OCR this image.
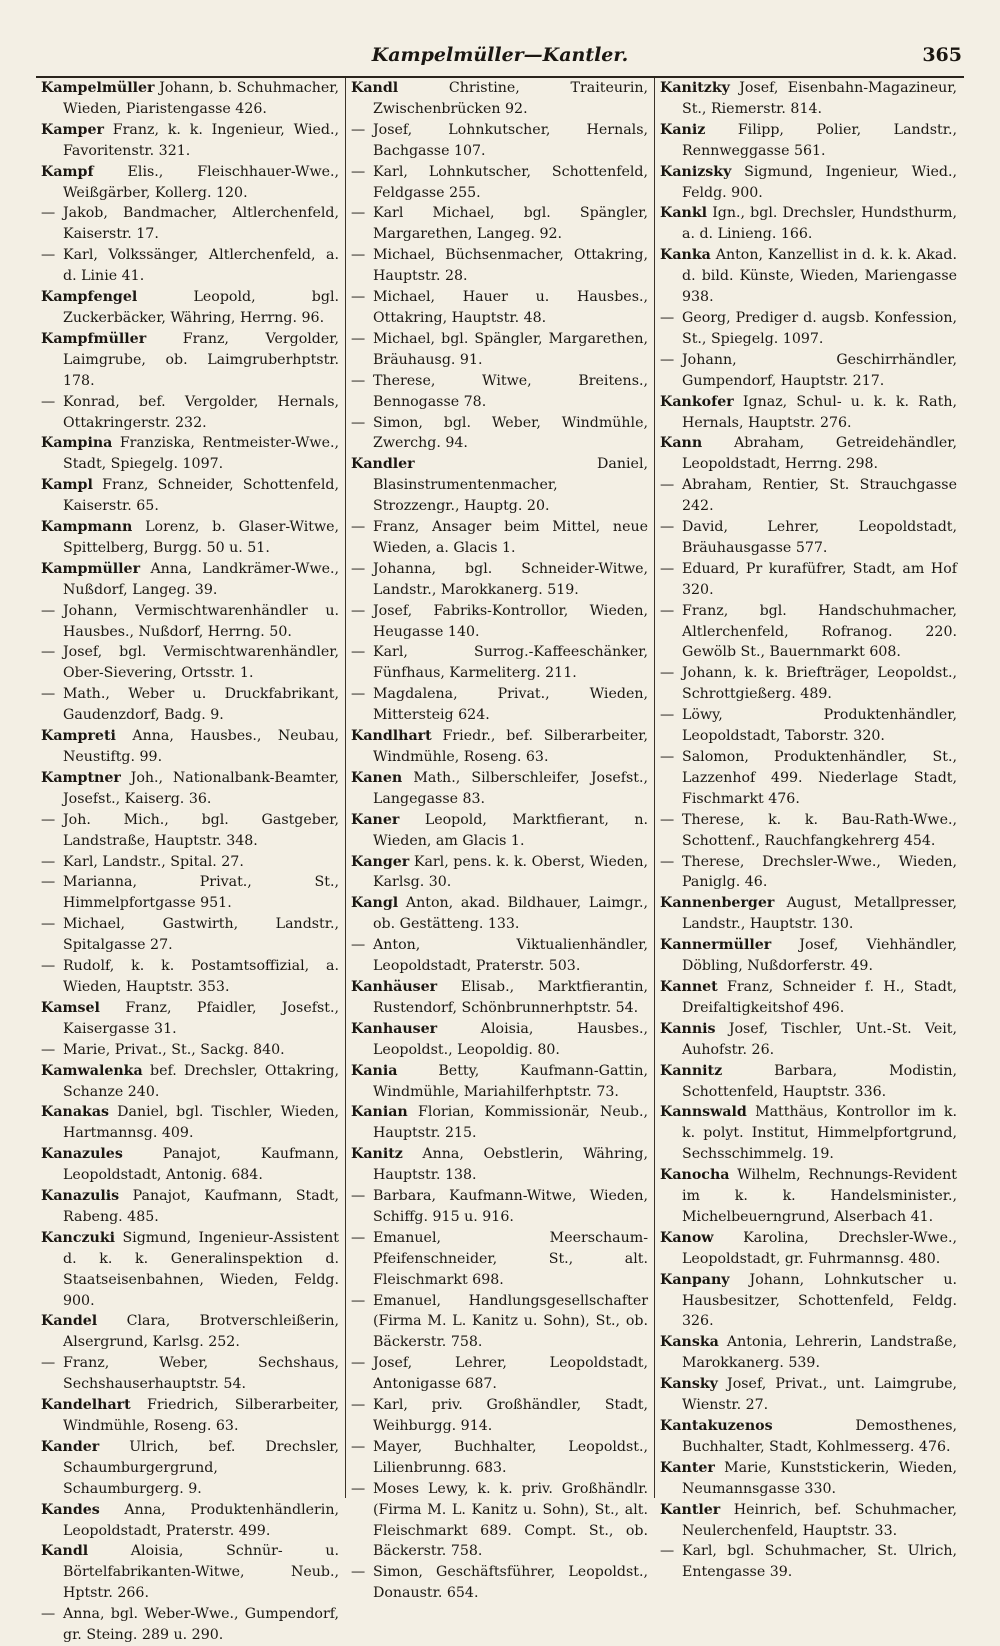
Kampelmüller—Kantler.	365

Kampelmüller Johann, b. Schuhmacher, Wieden, Piaristengasse 426.

Kamper Franz, k. k. Ingenieur, Wied., Favoritenstr. 321.

Kampf Elis., Fleischhauer-Wwe., Weißgärber, Kollerg. 120.

— Jakob, Bandmacher, Altlerchenfeld, Kaiserstr. 17.

— Karl, Volkssänger, Altlerchenfeld, a. d. Linie 41.

Kampfengel	Leopold, bgl. Zuckerbäcker, Währing, Herrng. 96.

Kampfmüller	Franz, Vergolder, Laimgrube, ob. Laimgruberhptstr. 178.

— Konrad, bef. Vergolder, Hernals, Ottakringerstr. 232.

Kampina Franziska, Rentmeister-Wwe., Stadt, Spiegelg. 1097.

Kampl Franz, Schneider, Schottenfeld, Kaiserstr. 65.

Kampmann Lorenz, b. Glaser-Witwe, Spittelberg, Burgg. 50 u. 51.

Kampmüller Anna, Landkrämer-Wwe., Nußdorf, Langeg. 39.

— Johann, Vermischtwarenhändler u. Hausbes., Nußdorf, Herrng. 50.

— Josef, bgl. Vermischtwarenhändler, Ober-Sievering, Ortsstr. 1.

— Math., Weber u. Druckfabrikant, Gaudenzdorf, Badg. 9.

Kampreti Anna, Hausbes., Neubau, Neustiftg. 99.

Kamptner Joh., Nationalbank-Beamter, Josefst., Kaiserg. 36.

— Joh. Mich., bgl. Gastgeber, Landstraße, Hauptstr. 348.

— Karl, Landstr., Spital. 27.

— Marianna, Privat., St., Himmelpfortgasse 951.

— Michael, Gastwirth, Landstr., Spitalgasse 27.

— Rudolf, k. k. Postamtsoffizial, a. Wieden, Hauptstr. 353.

Kamsel Franz, Pfaidler, Josefst., Kaisergasse 31.

— Marie, Privat., St., Sackg. 840.

Kamwalenka bef. Drechsler, Ottakring, Schanze 240.

Kanakas Daniel, bgl. Tischler, Wieden, Hartmannsg. 409.

Kanazules	Panajot, Kaufmann, Leopoldstadt, Antonig. 684.

Kanazulis Panajot, Kaufmann, Stadt, Rabeng. 485.

Kanczuki Sigmund, Ingenieur-Assistent d. k. k. Generalinspektion d. Staatseisenbahnen, Wieden, Feldg. 900.

Kandel Clara, Brotverschleißerin, Alsergrund, Karlsg. 252.

— Franz, Weber, Sechshaus, Sechshauserhauptstr. 54.

Kandelhart Friedrich, Silberarbeiter, Windmühle, Roseng. 63.

Kander Ulrich, bef. Drechsler, Schaumburgergrund, Schaumburgerg. 9.

Kandes Anna, Produktenhändlerin, Leopoldstadt, Praterstr. 499.

Kandl	Aloisia, Schnür- u. Börtelfabrikanten-Witwe, Neub., Hptstr. 266.

— Anna, bgl. Weber-Wwe., Gumpendorf, gr. Steing. 289 u. 290.

Kandl	Christine, Traiteurin, Zwischenbrücken 92.

— Josef, Lohnkutscher, Hernals, Bachgasse 107.

— Karl, Lohnkutscher, Schottenfeld, Feldgasse 255.

— Karl Michael, bgl. Spängler, Margarethen, Langeg. 92.

— Michael, Büchsenmacher, Ottakring, Hauptstr. 28.

— Michael, Hauer u. Hausbes., Ottakring, Hauptstr. 48.

— Michael, bgl. Spängler, Margarethen, Bräuhausg. 91.

— Therese, Witwe, Breitens., Bennogasse 78.

— Simon, bgl. Weber, Windmühle, Zwerchg. 94.

Kandler	Daniel, Blasinstrumentenmacher, Strozzengr., Hauptg. 20.

— Franz, Ansager beim Mittel, neue Wieden, a. Glacis 1.

— Johanna, bgl. Schneider-Witwe, Landstr., Marokkanerg. 519.

— Josef, Fabriks-Kontrollor, Wieden, Heugasse 140.

— Karl, Surrog.-Kaffeeschänker, Fünfhaus, Karmeliterg. 211.

— Magdalena, Privat., Wieden, Mittersteig 624.

Kandlhart Friedr., bef. Silberarbeiter, Windmühle, Roseng. 63.

Kanen Math., Silberschleifer, Josefst., Langegasse 83.

Kaner Leopold, Marktfierant, n. Wieden, am Glacis 1.

Kanger Karl, pens. k. k. Oberst, Wieden, Karlsg. 30.

Kangl Anton, akad. Bildhauer, Laimgr., ob. Gestätteng. 133.

— Anton, Viktualienhändler, Leopoldstadt, Praterstr. 503.

Kanhäuser Elisab., Marktfierantin, Rustendorf, Schönbrunnerhptstr. 54.

Kanhauser	Aloisia, Hausbes., Leopoldst., Leopoldig. 80.

Kania	Betty, Kaufmann-Gattin, Windmühle, Mariahilferhptstr. 73.

Kanian Florian, Kommissionär, Neub., Hauptstr. 215.

Kanitz Anna, Oebstlerin, Währing, Hauptstr. 138.

— Barbara, Kaufmann-Witwe, Wieden, Schiffg. 915 u. 916.

— Emanuel, Meerschaum-Pfeifenschneider, St., alt. Fleischmarkt 698.

— Emanuel, Handlungsgesellschafter (Firma M. L. Kanitz u. Sohn), St., ob. Bäckerstr. 758.

— Josef, Lehrer, Leopoldstadt, Antonigasse 687.

— Karl, priv. Großhändler, Stadt, Weihburgg. 914.

— Mayer, Buchhalter, Leopoldst., Lilienbrunng. 683.

— Moses Lewy, k. k. priv. Großhändlr. (Firma M. L. Kanitz u. Sohn), St., alt. Fleischmarkt 689. Compt. St., ob. Bäckerstr. 758.

— Simon, Geschäftsführer, Leopoldst., Donaustr. 654.

Kanitzky Josef, Eisenbahn-Magazineur, St., Riemerstr. 814.

Kaniz Filipp, Polier, Landstr., Rennweggasse 561.

Kanizsky Sigmund, Ingenieur, Wied., Feldg. 900.

Kankl Ign., bgl. Drechsler, Hundsthurm, a. d. Linieng. 166.

Kanka Anton, Kanzellist in d. k. k. Akad. d. bild. Künste, Wieden, Mariengasse 938.

— Georg, Prediger d. augsb. Konfession, St., Spiegelg. 1097.

— Johann, Geschirrhändler, Gumpendorf, Hauptstr. 217.

Kankofer Ignaz, Schul- u. k. k. Rath, Hernals, Hauptstr. 276.

Kann Abraham, Getreidehändler, Leopoldstadt, Herrng. 298.

— Abraham, Rentier, St. Strauchgasse 242.

— David, Lehrer, Leopoldstadt, Bräuhausgasse 577.

— Eduard, Pr kurafüfrer, Stadt, am Hof 320.

— Franz, bgl. Handschuhmacher, Altlerchenfeld, Rofranog. 220. Gewölb St., Bauernmarkt 608.

— Johann, k. k. Briefträger, Leopoldst., Schrottgießerg. 489.

— Löwy, Produktenhändler, Leopoldstadt, Taborstr. 320.

— Salomon, Produktenhändler, St., Lazzenhof 499. Niederlage Stadt, Fischmarkt 476.

— Therese, k. k. Bau-Rath-Wwe., Schottenf., Rauchfangkehrerg 454.

— Therese, Drechsler-Wwe., Wieden, Paniglg. 46.

Kannenberger August, Metallpresser, Landstr., Hauptstr. 130.

Kannermüller Josef, Viehhändler, Döbling, Nußdorferstr. 49.

Kannet Franz, Schneider f. H., Stadt, Dreifaltigkeitshof 496.

Kannis Josef, Tischler, Unt.-St. Veit, Auhofstr. 26.

Kannitz	Barbara, Modistin, Schottenfeld, Hauptstr. 336.

Kannswald Matthäus, Kontrollor im k. k. polyt. Institut, Himmelpfortgrund, Sechsschimmelg. 19.

Kanocha Wilhelm, Rechnungs-Revident im k. k. Handelsminister., Michelbeuerngrund, Alserbach 41.

Kanow Karolina, Drechsler-Wwe., Leopoldstadt, gr. Fuhrmannsg. 480.

Kanpany Johann, Lohnkutscher u. Hausbesitzer, Schottenfeld, Feldg. 326.

Kanska Antonia, Lehrerin, Landstraße, Marokkanerg. 539.

Kansky Josef, Privat., unt. Laimgrube, Wienstr. 27.

Kantakuzenos	Demosthenes, Buchhalter, Stadt, Kohlmesserg. 476.

Kanter Marie, Kunststickerin, Wieden, Neumannsgasse 330.

Kantler Heinrich, bef. Schuhmacher, Neulerchenfeld, Hauptstr. 33.

— Karl, bgl. Schuhmacher, St. Ulrich, Entengasse 39.
